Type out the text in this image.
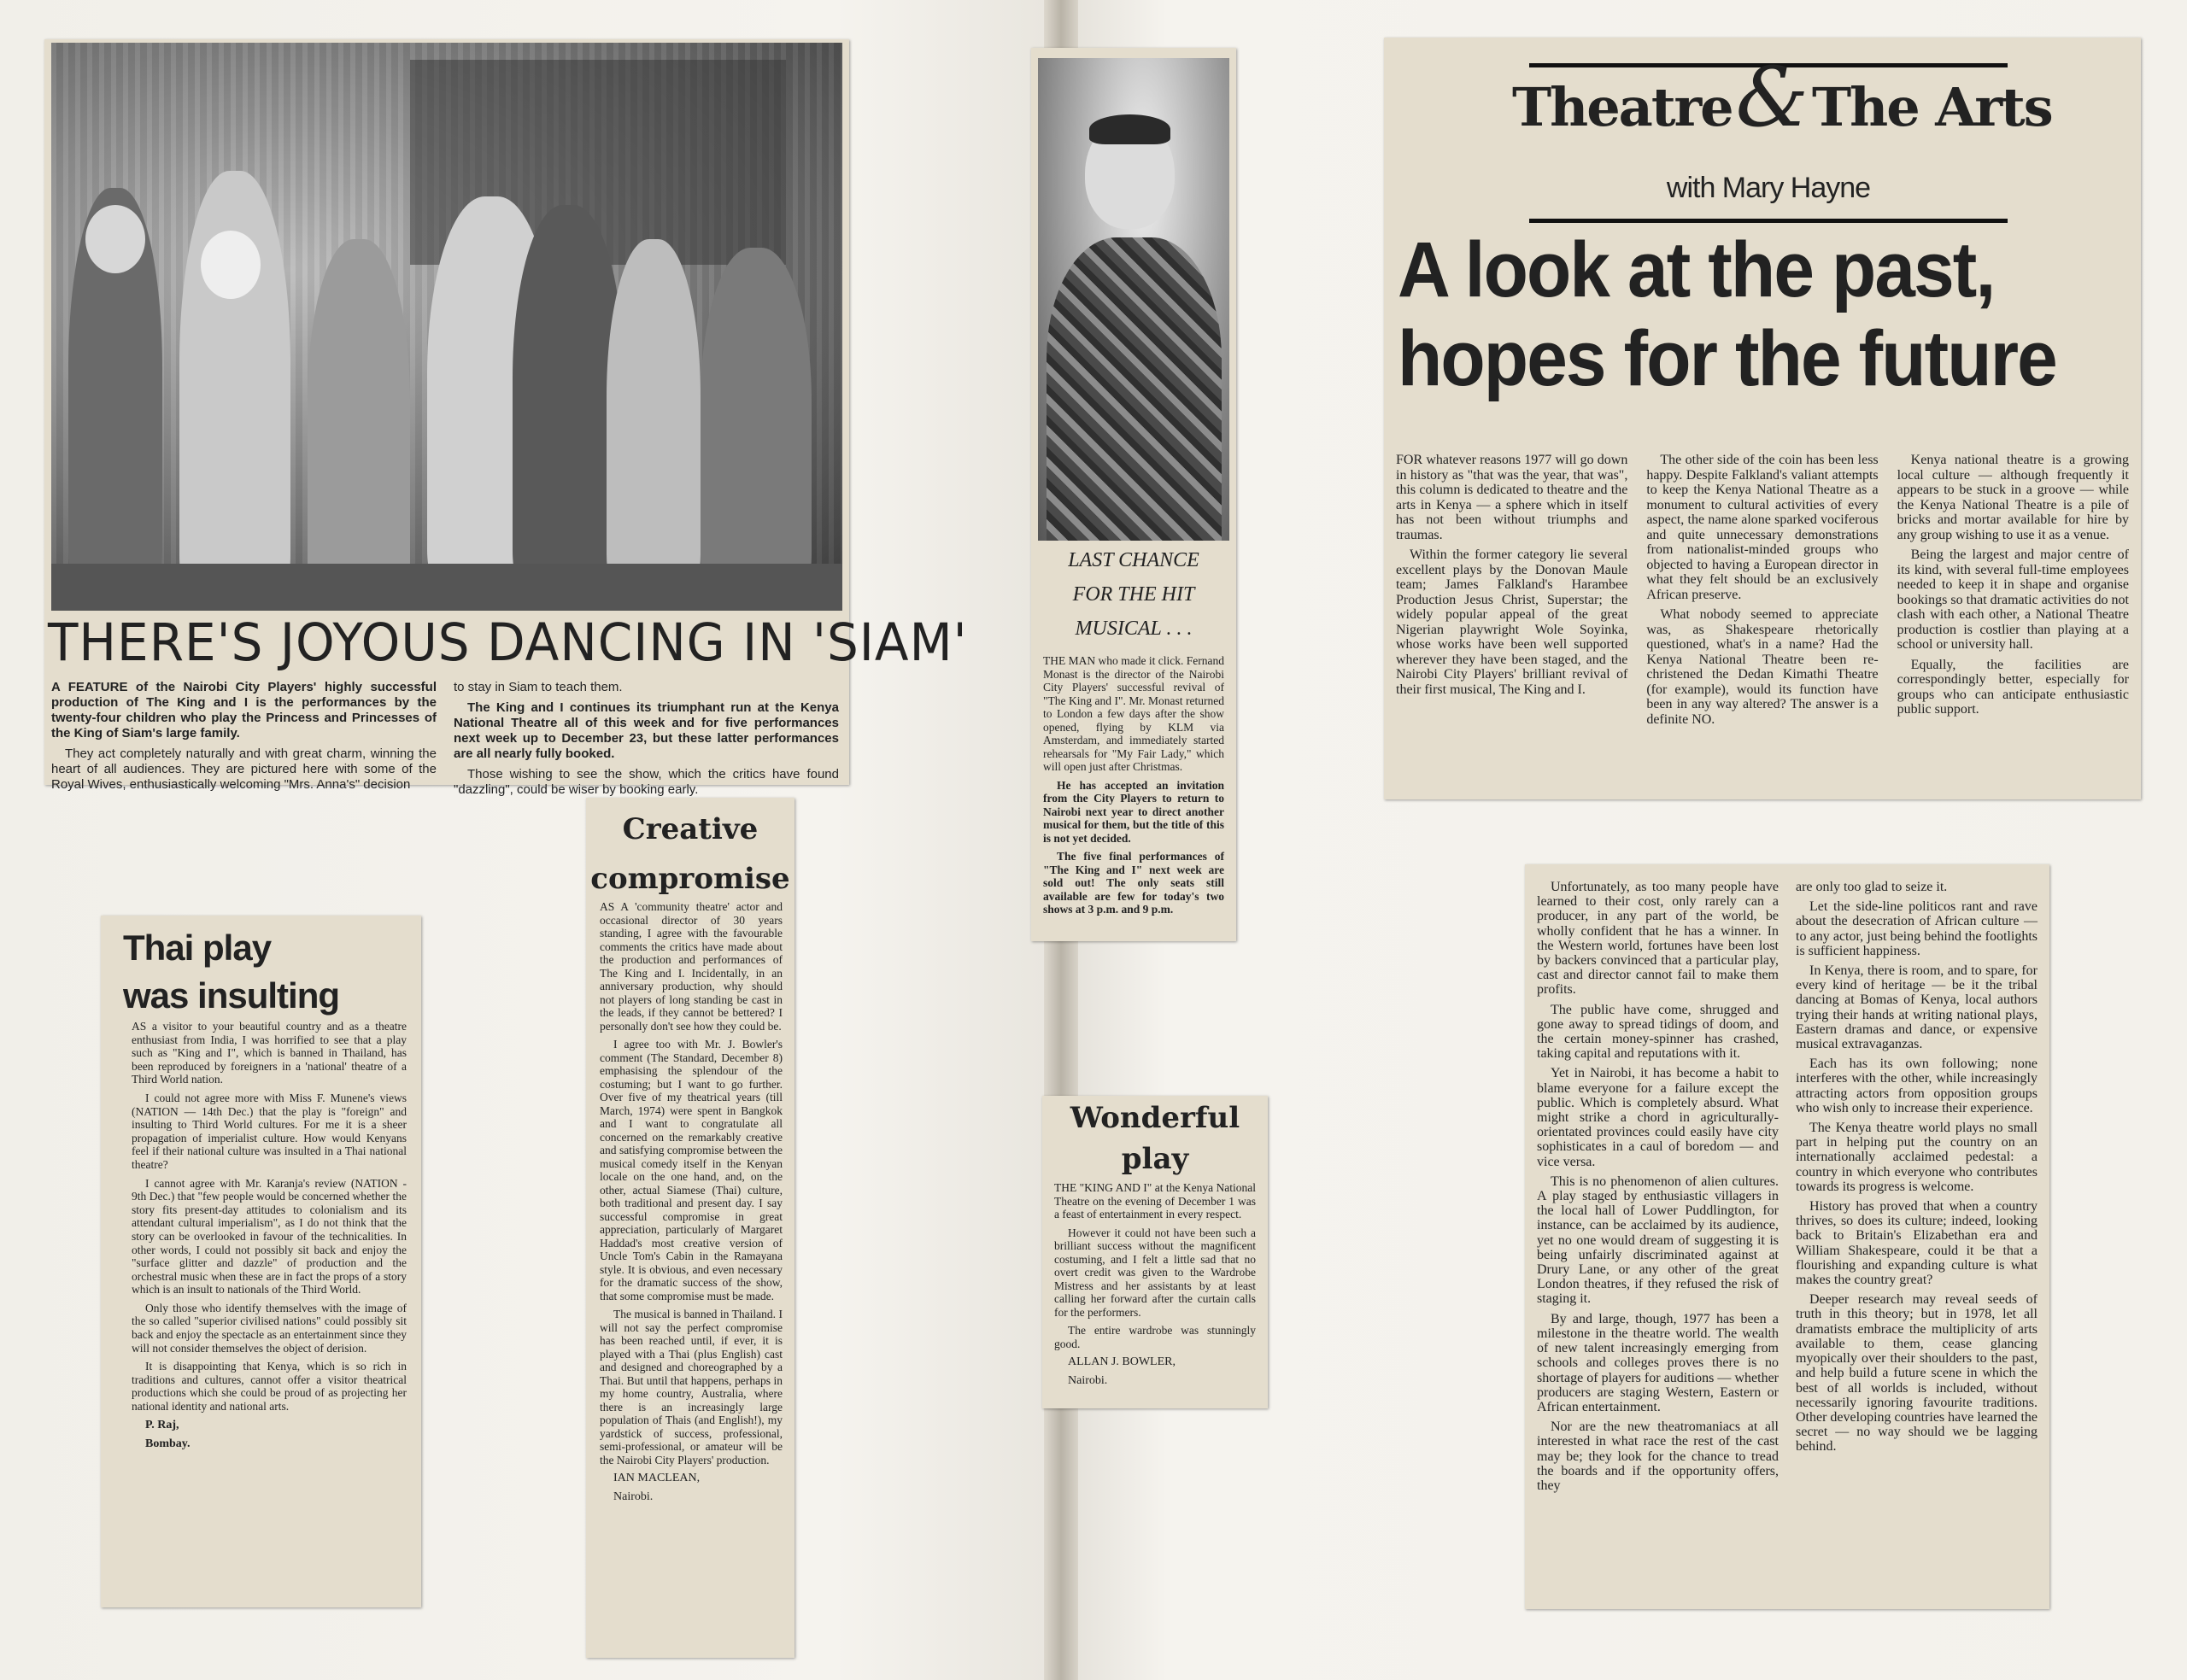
THERE'S JOYOUS DANCING IN 'SIAM'

A FEATURE of the Nairobi City Players' highly successful production of The King and I is the performances by the twenty-four children who play the Princess and Princesses of the King of Siam's large family.

They act completely naturally and with great charm, winning the heart of all audiences. They are pictured here with some of the Royal Wives, enthusiastically welcoming "Mrs. Anna's" decision

to stay in Siam to teach them.

The King and I continues its triumphant run at the Kenya National Theatre all of this week and for five performances next week up to December 23, but these latter performances are all nearly fully booked.

Those wishing to see the show, which the critics have found "dazzling", could be wiser by booking early.

LAST CHANCE
FOR THE HIT
MUSICAL . . .

THE MAN who made it click. Fernand Monast is the director of the Nairobi City Players' successful revival of "The King and I". Mr. Monast returned to London a few days after the show opened, flying by KLM via Amsterdam, and immediately started rehearsals for "My Fair Lady," which will open just after Christmas.

He has accepted an invitation from the City Players to return to Nairobi next year to direct another musical for them, but the title of this is not yet decided.

The five final performances of "The King and I" next week are sold out! The only seats still available are few for today's two shows at 3 p.m. and 9 p.m.

Theatre & The Arts
with Mary Hayne
A look at the past,
hopes for the future

FOR whatever reasons 1977 will go down in history as "that was the year, that was", this column is dedicated to theatre and the arts in Kenya — a sphere which in itself has not been without triumphs and traumas.

Within the former category lie several excellent plays by the Donovan Maule team; James Falkland's Harambee Production Jesus Christ, Superstar; the widely popular appeal of the great Nigerian playwright Wole Soyinka, whose works have been well supported wherever they have been staged, and the Nairobi City Players' brilliant revival of their first musical, The King and I.

The other side of the coin has been less happy. Despite Falkland's valiant attempts to keep the Kenya National Theatre as a monument to cultural activities of every aspect, the name alone sparked vociferous and quite unnecessary demonstrations from nationalist-minded groups who objected to having a European director in what they felt should be an exclusively African preserve.

What nobody seemed to appreciate was, as Shakespeare rhetorically questioned, what's in a name? Had the Kenya National Theatre been re-christened the Dedan Kimathi Theatre (for example), would its function have been in any way altered? The answer is a definite NO.

Kenya national theatre is a growing local culture — although frequently it appears to be stuck in a groove — while the Kenya National Theatre is a pile of bricks and mortar available for hire by any group wishing to use it as a venue.

Being the largest and major centre of its kind, with several full-time employees needed to keep it in shape and organise bookings so that dramatic activities do not clash with each other, a National Theatre production is costlier than playing at a school or university hall.

Equally, the facilities are correspondingly better, especially for groups who can anticipate enthusiastic public support.

Thai play
was insulting

AS a visitor to your beautiful country and as a theatre enthusiast from India, I was horrified to see that a play such as "King and I", which is banned in Thailand, has been reproduced by foreigners in a 'national' theatre of a Third World nation.

I could not agree more with Miss F. Munene's views (NATION — 14th Dec.) that the play is "foreign" and insulting to Third World cultures. For me it is a sheer propagation of imperialist culture. How would Kenyans feel if their national culture was insulted in a Thai national theatre?

I cannot agree with Mr. Karanja's review (NATION - 9th Dec.) that "few people would be concerned whether the story fits present-day attitudes to colonialism and its attendant cultural imperialism", as I do not think that the story can be overlooked in favour of the technicalities. In other words, I could not possibly sit back and enjoy the "surface glitter and dazzle" of production and the orchestral music when these are in fact the props of a story which is an insult to nationals of the Third World.

Only those who identify themselves with the image of the so called "superior civilised nations" could possibly sit back and enjoy the spectacle as an entertainment since they will not consider themselves the object of derision.

It is disappointing that Kenya, which is so rich in traditions and cultures, cannot offer a visitor theatrical productions which she could be proud of as projecting her national identity and national arts.

P. Raj,

Bombay.

Creative
compromise

AS A 'community theatre' actor and occasional director of 30 years standing, I agree with the favourable comments the critics have made about the production and performances of The King and I. Incidentally, in an anniversary production, why should not players of long standing be cast in the leads, if they cannot be bettered? I personally don't see how they could be.

I agree too with Mr. J. Bowler's comment (The Standard, December 8) emphasising the splendour of the costuming; but I want to go further. Over five of my theatrical years (till March, 1974) were spent in Bangkok and I want to congratulate all concerned on the remarkably creative and satisfying compromise between the musical comedy itself in the Kenyan locale on the one hand, and, on the other, actual Siamese (Thai) culture, both traditional and present day. I say successful compromise in great appreciation, particularly of Margaret Haddad's most creative version of Uncle Tom's Cabin in the Ramayana style. It is obvious, and even necessary for the dramatic success of the show, that some compromise must be made.

The musical is banned in Thailand. I will not say the perfect compromise has been reached until, if ever, it is played with a Thai (plus English) cast and designed and choreographed by a Thai. But until that happens, perhaps in my home country, Australia, where there is an increasingly large population of Thais (and English!), my yardstick of success, professional, semi-professional, or amateur will be the Nairobi City Players' production.

IAN MACLEAN,

Nairobi.

Wonderful
play

THE "KING AND I" at the Kenya National Theatre on the evening of December 1 was a feast of entertainment in every respect.

However it could not have been such a brilliant success without the magnificent costuming, and I felt a little sad that no overt credit was given to the Wardrobe Mistress and her assistants by at least calling her forward after the curtain calls for the performers.

The entire wardrobe was stunningly good.

ALLAN J. BOWLER,

Nairobi.

Unfortunately, as too many people have learned to their cost, only rarely can a producer, in any part of the world, be wholly confident that he has a winner. In the Western world, fortunes have been lost by backers convinced that a particular play, cast and director cannot fail to make them profits.

The public have come, shrugged and gone away to spread tidings of doom, and the certain money-spinner has crashed, taking capital and reputations with it.

Yet in Nairobi, it has become a habit to blame everyone for a failure except the public. Which is completely absurd. What might strike a chord in agriculturally-orientated provinces could easily have city sophisticates in a caul of boredom — and vice versa.

This is no phenomenon of alien cultures. A play staged by enthusiastic villagers in the local hall of Lower Puddlington, for instance, can be acclaimed by its audience, yet no one would dream of suggesting it is being unfairly discriminated against at Drury Lane, or any other of the great London theatres, if they refused the risk of staging it.

By and large, though, 1977 has been a milestone in the theatre world. The wealth of new talent increasingly emerging from schools and colleges proves there is no shortage of players for auditions — whether producers are staging Western, Eastern or African entertainment.

Nor are the new theatromaniacs at all interested in what race the rest of the cast may be; they look for the chance to tread the boards and if the opportunity offers, they

are only too glad to seize it.

Let the side-line politicos rant and rave about the desecration of African culture — to any actor, just being behind the footlights is sufficient happiness.

In Kenya, there is room, and to spare, for every kind of heritage — be it the tribal dancing at Bomas of Kenya, local authors trying their hands at writing national plays, Eastern dramas and dance, or expensive musical extravaganzas.

Each has its own following; none interferes with the other, while increasingly attracting actors from opposition groups who wish only to increase their experience.

The Kenya theatre world plays no small part in helping put the country on an internationally acclaimed pedestal: a country in which everyone who contributes towards its progress is welcome.

History has proved that when a country thrives, so does its culture; indeed, looking back to Britain's Elizabethan era and William Shakespeare, could it be that a flourishing and expanding culture is what makes the country great?

Deeper research may reveal seeds of truth in this theory; but in 1978, let all dramatists embrace the multiplicity of arts available to them, cease glancing myopically over their shoulders to the past, and help build a future scene in which the best of all worlds is included, without necessarily ignoring favourite traditions. Other developing countries have learned the secret — no way should we be lagging behind.
